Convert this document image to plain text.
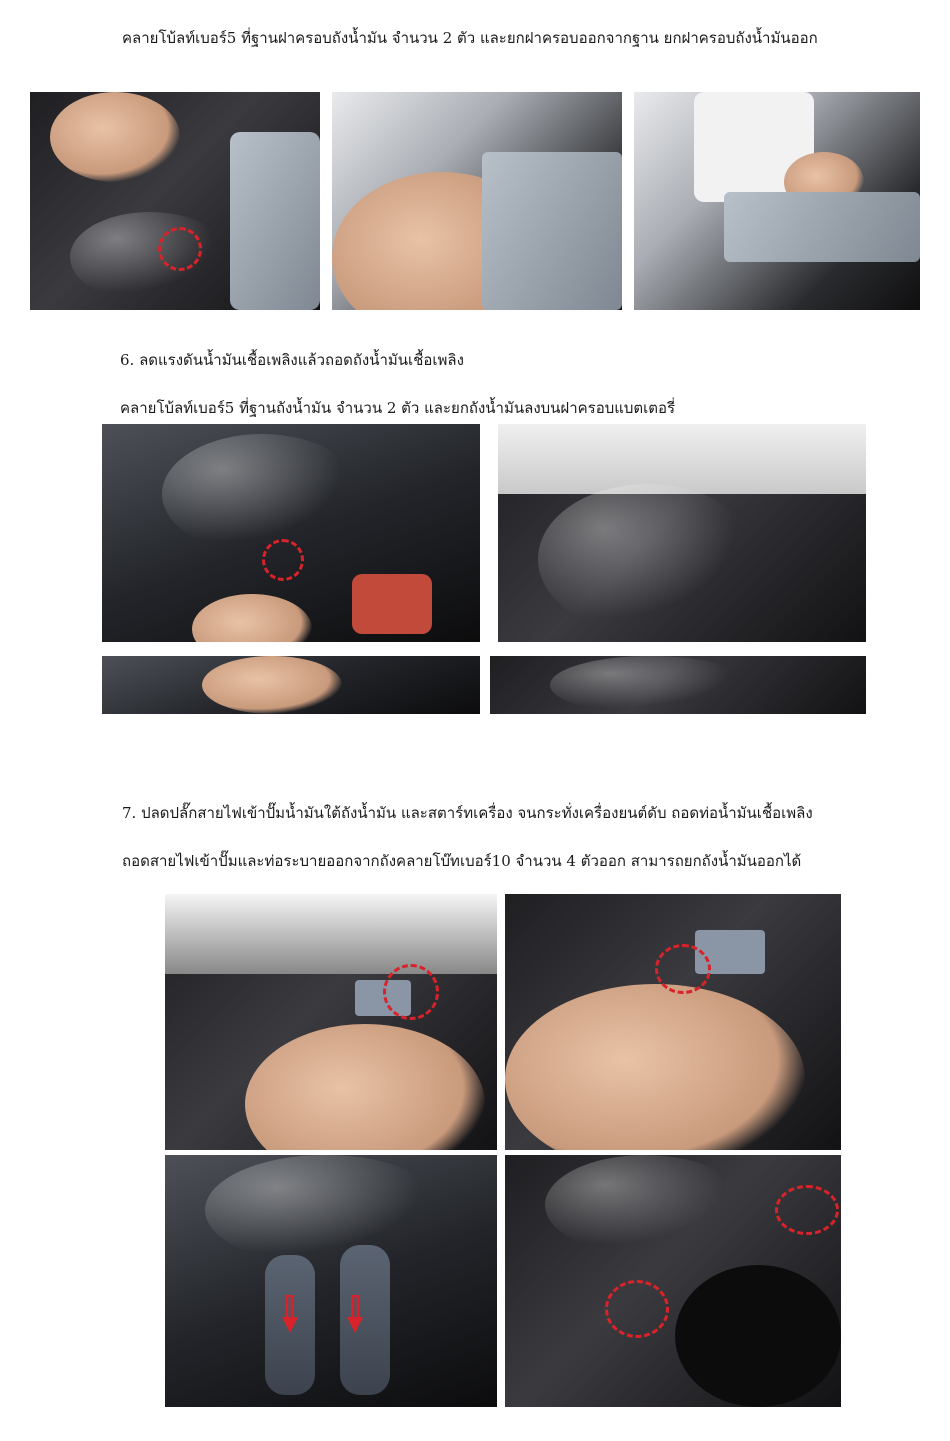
คลายโบ้ลท์เบอร์5 ที่ฐานฝาครอบถังน้ำมัน จำนวน 2 ตัว และยกฝาครอบออกจากฐาน ยกฝาครอบถังน้ำมันออก
6. ลดแรงดันน้ำมันเชื้อเพลิงแล้วถอดถังน้ำมันเชื้อเพลิง
คลายโบ้ลท์เบอร์5 ที่ฐานถังน้ำมัน จำนวน 2 ตัว และยกถังน้ำมันลงบนฝาครอบแบตเตอรี่
7. ปลดปลั๊กสายไฟเข้าปั๊มน้ำมันใต้ถังน้ำมัน และสตาร์ทเครื่อง จนกระทั่งเครื่องยนต์ดับ ถอดท่อน้ำมันเชื้อเพลิง
ถอดสายไฟเข้าปั๊มและท่อระบายออกจากถังคลายโบ๊ทเบอร์10 จำนวน 4 ตัวออก สามารถยกถังน้ำมันออกได้
